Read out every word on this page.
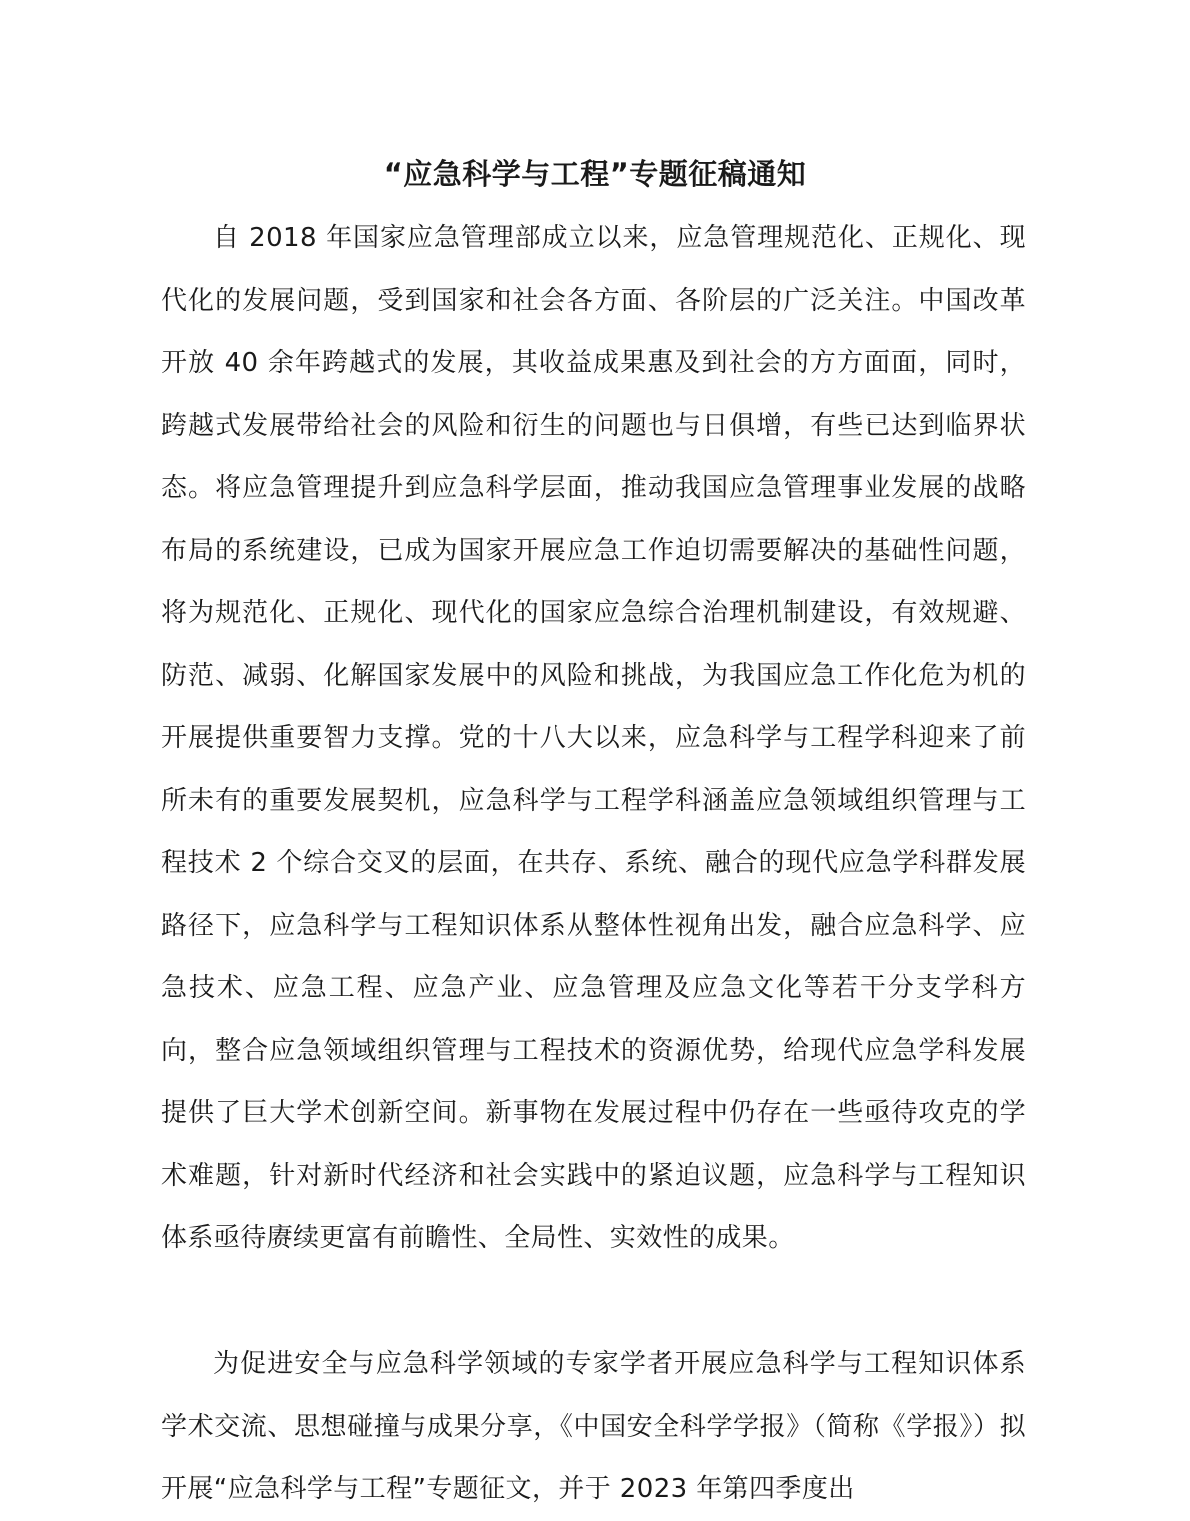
“应急科学与工程”专题征稿通知

自 2018 年国家应急管理部成立以来，应急管理规范化、正规化、现代化的发展问题，受到国家和社会各方面、各阶层的广泛关注。中国改革开放 40 余年跨越式的发展，其收益成果惠及到社会的方方面面，同时，跨越式发展带给社会的风险和衍生的问题也与日俱增，有些已达到临界状态。将应急管理提升到应急科学层面，推动我国应急管理事业发展的战略布局的系统建设，已成为国家开展应急工作迫切需要解决的基础性问题，将为规范化、正规化、现代化的国家应急综合治理机制建设，有效规避、防范、减弱、化解国家发展中的风险和挑战，为我国应急工作化危为机的开展提供重要智力支撑。党的十八大以来，应急科学与工程学科迎来了前所未有的重要发展契机，应急科学与工程学科涵盖应急领域组织管理与工程技术 2 个综合交叉的层面，在共存、系统、融合的现代应急学科群发展路径下，应急科学与工程知识体系从整体性视角出发，融合应急科学、应急技术、应急工程、应急产业、应急管理及应急文化等若干分支学科方向，整合应急领域组织管理与工程技术的资源优势，给现代应急学科发展提供了巨大学术创新空间。新事物在发展过程中仍存在一些亟待攻克的学术难题，针对新时代经济和社会实践中的紧迫议题，应急科学与工程知识体系亟待赓续更富有前瞻性、全局性、实效性的成果。

为促进安全与应急科学领域的专家学者开展应急科学与工程知识体系学术交流、思想碰撞与成果分享，《中国安全科学学报》（简称《学报》）拟开展“应急科学与工程”专题征文，并于 2023 年第四季度出
